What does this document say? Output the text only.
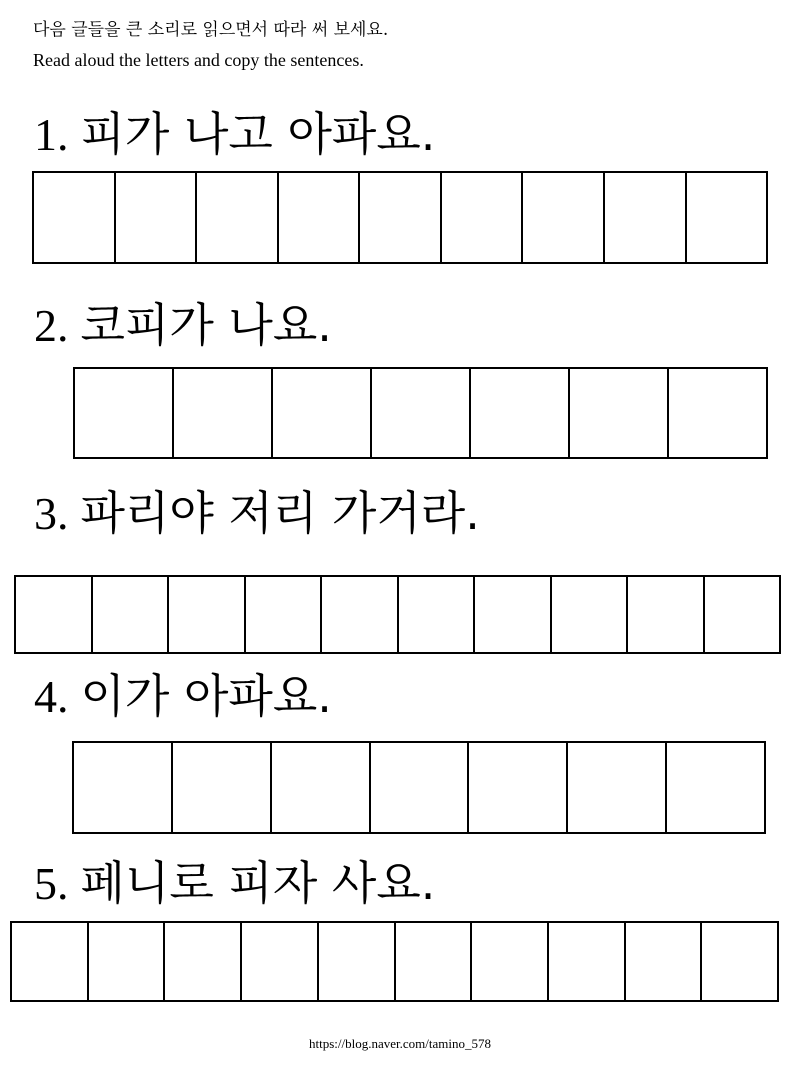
다음 글들을 큰 소리로 읽으면서 따라 써 보세요.
Read aloud the letters and copy the sentences.
1. 피가 나고 아파요.
2. 코피가 나요.
3. 파리야 저리 가거라.
4. 이가 아파요.
5. 페니로 피자 사요.
https://blog.naver.com/tamino_578
